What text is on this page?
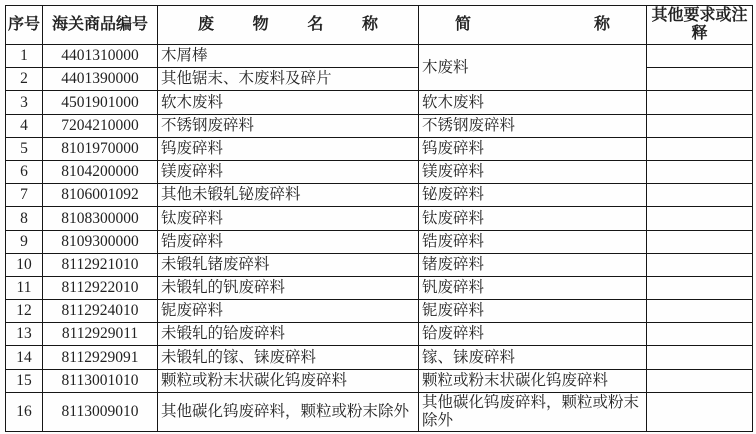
序号	海关商品编号	废物名称	简称	其他要求或注释
1	4401310000	木屑棒	木废料	
2	4401390000	其他锯末、木废料及碎片		
3	4501901000	软木废料	软木废料	
4	7204210000	不锈钢废碎料	不锈钢废碎料	
5	8101970000	钨废碎料	钨废碎料	
6	8104200000	镁废碎料	镁废碎料	
7	8106001092	其他未锻轧铋废碎料	铋废碎料	
8	8108300000	钛废碎料	钛废碎料	
9	8109300000	锆废碎料	锆废碎料	
10	8112921010	未锻轧锗废碎料	锗废碎料	
11	8112922010	未锻轧的钒废碎料	钒废碎料	
12	8112924010	铌废碎料	铌废碎料	
13	8112929011	未锻轧的铪废碎料	铪废碎料	
14	8112929091	未锻轧的镓、铼废碎料	镓、铼废碎料	
15	8113001010	颗粒或粉末状碳化钨废碎料	颗粒或粉末状碳化钨废碎料	
16	8113009010	其他碳化钨废碎料，颗粒或粉末除外	其他碳化钨废碎料，颗粒或粉末除外	
